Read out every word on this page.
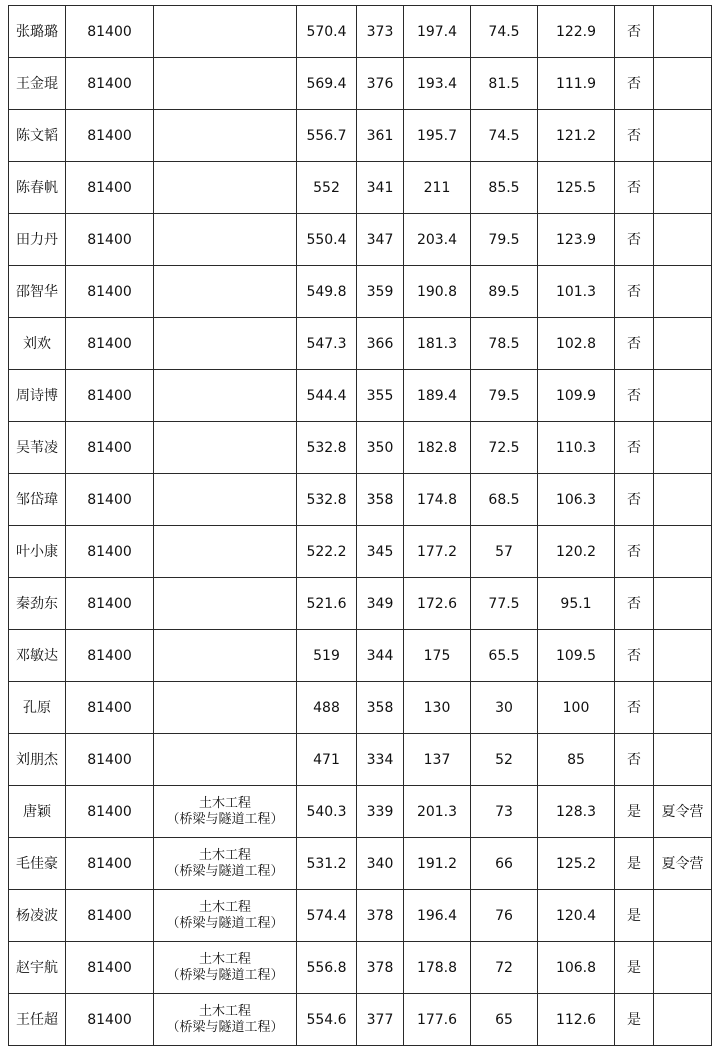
张璐璐	81400		570.4	373	197.4	74.5	122.9	否	
王金琨	81400		569.4	376	193.4	81.5	111.9	否	
陈文韬	81400		556.7	361	195.7	74.5	121.2	否	
陈春帆	81400		552	341	211	85.5	125.5	否	
田力丹	81400		550.4	347	203.4	79.5	123.9	否	
邵智华	81400		549.8	359	190.8	89.5	101.3	否	
刘欢	81400		547.3	366	181.3	78.5	102.8	否	
周诗博	81400		544.4	355	189.4	79.5	109.9	否	
吴苇凌	81400		532.8	350	182.8	72.5	110.3	否	
邹岱瑋	81400		532.8	358	174.8	68.5	106.3	否	
叶小康	81400		522.2	345	177.2	57	120.2	否	
秦劲东	81400		521.6	349	172.6	77.5	95.1	否	
邓敏达	81400		519	344	175	65.5	109.5	否	
孔原	81400		488	358	130	30	100	否	
刘朋杰	81400		471	334	137	52	85	否	
唐颖	81400	土木工程
（桥梁与隧道工程）	540.3	339	201.3	73	128.3	是	夏令营
毛佳豪	81400	土木工程
（桥梁与隧道工程）	531.2	340	191.2	66	125.2	是	夏令营
杨凌波	81400	土木工程
（桥梁与隧道工程）	574.4	378	196.4	76	120.4	是	
赵宇航	81400	土木工程
（桥梁与隧道工程）	556.8	378	178.8	72	106.8	是	
王任超	81400	土木工程
（桥梁与隧道工程）	554.6	377	177.6	65	112.6	是	
